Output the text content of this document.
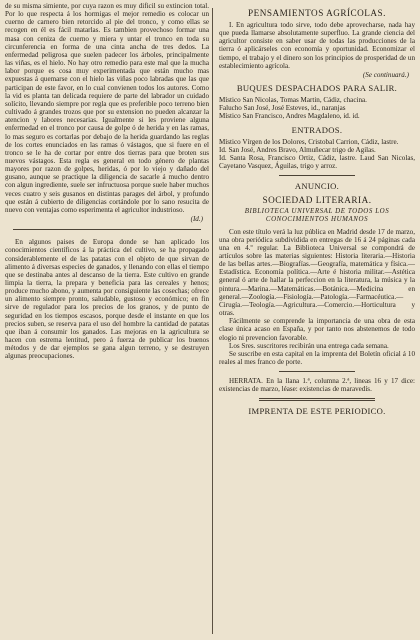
de su misma simiente, por cuya razon es muy dificil su extincion total. Por lo que respecta á los hormigas el mejor remedio es colocar un cuerno de carnero bien retorcido al pie del tronco, y como ellas se recogen en él es fácil matarlas. Es tambien provechoso formar una masa con ceniza de cuerno y miera y untar el tronco en toda su circunferencia en forma de una cinta ancha de tres dedos. La enfermedad peligrosa que suelen padecer los árboles, principalmente las viñas, es el hielo. No hay otro remedio para este mal que la mucha labor porque es cosa muy experimentada que están mucho mas expuestas á quemarse con el hielo las viñas poco labradas que las que participan de este favor, en lo cual convienen todos los autores. Como la vid es planta tan delicada requiere de parte del labrador un cuidado solícito, llevando siempre por regla que es preferible poco terreno bien cultivado á grandes trozos que por su extension no pueden alcanzar la atencion y labores necesarias. Igualmente si les proviene alguna enfermedad en el tronco por causa de golpe ó de herida y en las ramas, lo mas seguro es cortarlas por debajo de la herida guardando las reglas de los cortes enunciados en las ramas ó vástagos, que si fuere en el tronco se le ha de cortar por entre dos tierras para que broten sus nuevos vástagos. Esta regla es general en todo género de plantas mayores por razon de golpes, heridas, ó por lo viejo y dañado del gusano, aunque se practique la diligencia de sacarle á mucho dentro con algun ingrediente, suele ser infructuosa porque suele haber muchos veces cuatro y seis gusanos en distintas parages del árbol, y profundo que están á cubierto de diligencias cortándole por lo sano resucita de nuevo con ventajas como esperimenta el agricultor industrioso.

(Id.)

En algunos paises de Europa donde se han aplicado los conocimientos científicos á la práctica del cultivo, se ha propagado considerablemente el de las patatas con el objeto de que sirvan de alimento á diversas especies de ganados, y llenando con ellas el tiempo que se destinaba antes al descanso de la tierra. Este cultivo en grande limpia la tierra, la prepara y beneficia para las cereales y henos; produce mucho abono, y aumenta por consiguiente las cosechas; ofrece un alimento siempre pronto, saludable, gustoso y económico; en fin sirve de regulador para los precios de los granos, y de punto de seguridad en los tiempos escasos, porque desde el instante en que los precios suben, se reserva para el uso del hombre la cantidad de patatas que iban á consumir los ganados. Las mejoras en la agricultura se hacen con estrema lentitud, pero á fuerza de publicar los buenos métodos y de dar ejemplos se gana algun terreno, y se destruyen algunas preocupaciones.

PENSAMIENTOS AGRÍCOLAS.

I. En agricultura todo sirve, todo debe aprovecharse, nada hay que pueda llamarse absolutamente superfluo. La grande ciencia del agricultor consiste en saber usar de todas las producciones de la tierra ó aplicárseles con economía y oportunidad. Economizar el tiempo, el trabajo y el dinero son los principios de prosperidad de un establecimiento agrícola.

(Se continuará.)

BUQUES DESPACHADOS PARA SALIR.

Místico San Nicolas, Tomas Martin, Cádiz, chacina.

Falucho San José, José Esteves, id., naranjas

Místico San Francisco, Andres Magdaleno, id. id.

ENTRADOS.

Místico Vírgen de los Dolores, Cristobal Carrion, Cádiz, lastre.

Id. San José, Andres Bravo, Almuñecar trigo de Agilas.

Id. Santa Rosa, Francisco Ortiz, Cádiz, lastre. Laud San Nicolas, Cayetano Vasquez, Águilas, trigo y arroz.

ANUNCIO.
SOCIEDAD LITERARIA.
BIBLIOTECA UNIVERSAL DE TODOS LOS CONOCIMIENTOS HUMANOS

Con este título verá la luz pública en Madrid desde 17 de marzo, una obra periódica subdividida en entregas de 16 á 24 páginas cada una en 4.º regular. La Biblioteca Universal se compondrá de artículos sobre las materias siguientes: Historia literaria.—Historia de las bellas artes.—Biografías.—Geografía, matemática y física.—Estadística. Economía política.—Arte é historia militar.—Astética general ó arte de hallar la perfeccion en la literatura, la música y la pintura.—Marina.—Matemáticas.—Botánica.—Medicina en general.—Zoología.—Fisiología.—Patología.—Farmacéutica.—Cirugía.—Teología.—Agricultura.—Comercio.—Horticultura y otras.

Fácilmente se comprende la importancia de una obra de esta clase única acaso en España, y por tanto nos abstenemos de todo elogio ni prevencion favorable.

Los Sres. suscritores recibirán una entrega cada semana.

Se suscribe en esta capital en la imprenta del Boletín oficial á 10 reales al mes franco de porte.

HERRATA. En la llana 1.ª, columna 2.ª, lineas 16 y 17 dice: existencias de marzo, léase: existencias de maravedís.

IMPRENTA DE ESTE PERIODICO.
